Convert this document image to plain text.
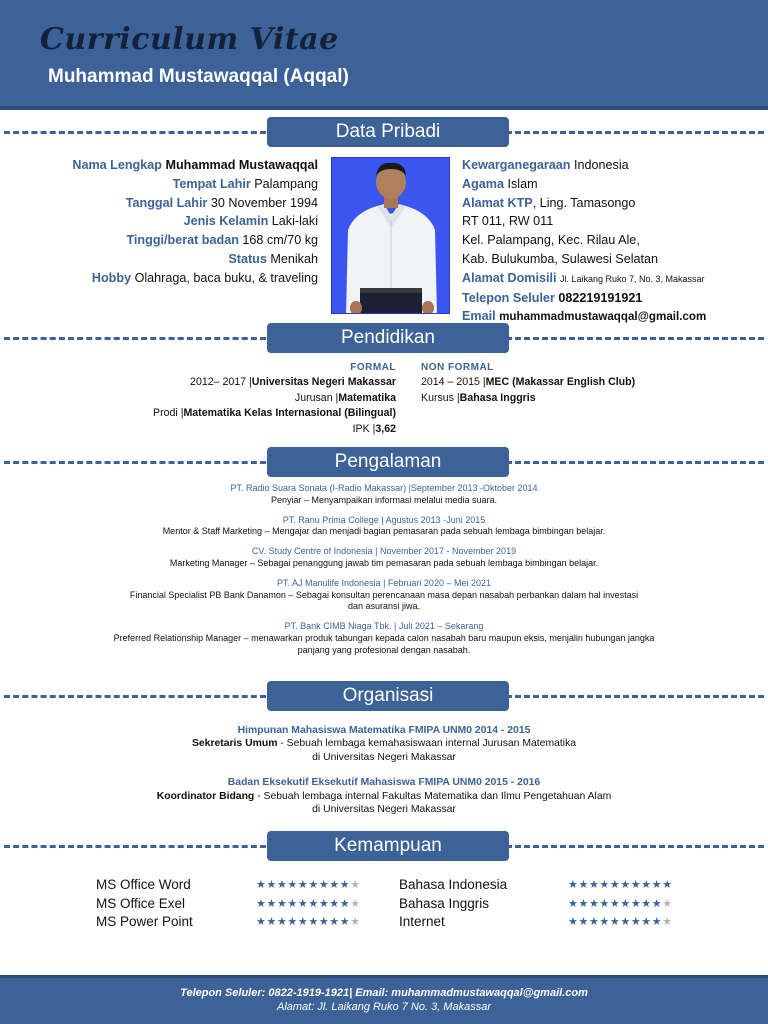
Curriculum Vitae
Muhammad Mustawaqqal (Aqqal)
Data Pribadi
Nama Lengkap Muhammad Mustawaqqal
Tempat Lahir Palampang
Tanggal Lahir 30 November 1994
Jenis Kelamin Laki-laki
Tinggi/berat badan 168 cm/70 kg
Status Menikah
Hobby Olahraga, baca buku, & traveling
Kewarganegaraan Indonesia
Agama Islam
Alamat KTP, Ling. Tamasongo
RT 011, RW 011
Kel. Palampang, Kec. Rilau Ale,
Kab. Bulukumba, Sulawesi Selatan
Alamat Domisili Jl. Laikang Ruko 7, No. 3, Makassar
Telepon Seluler 082219191921
Email muhammadmustawaqqal@gmail.com
Pendidikan
FORMAL
2012– 2017 |Universitas Negeri Makassar
Jurusan |Matematika
Prodi |Matematika Kelas Internasional (Bilingual)
IPK |3,62
NON FORMAL
2014 – 2015 |MEC (Makassar English Club)
Kursus |Bahasa Inggris
Pengalaman
PT. Radio Suara Sonata (I-Radio Makassar) |September 2013 -Oktober 2014
Penyiar – Menyampaikan informasi melalui media suara.
PT. Ranu Prima College | Agustus 2013 -Juni 2015
Mentor & Staff Marketing – Mengajar dan menjadi bagian pemasaran pada sebuah lembaga bimbingan belajar.
CV. Study Centre of Indonesia | November 2017 - November 2019
Marketing Manager – Sebagai penanggung jawab tim pemasaran pada sebuah lembaga bimbingan belajar.
PT. AJ Manulife Indonesia | Februari 2020 – Mei 2021
Financial Specialist PB Bank Danamon – Sebagai konsultan perencanaan masa depan nasabah perbankan dalam hal investasi
dan asuransi jiwa.
PT. Bank CIMB Niaga Tbk. | Juli 2021 – Sekarang
Preferred Relationship Manager – menawarkan produk tabungan kepada calon nasabah baru maupun eksis, menjalin hubungan jangka
panjang yang profesional dengan nasabah.
Organisasi
Himpunan Mahasiswa Matematika FMIPA UNM0 2014 - 2015
Sekretaris Umum - Sebuah lembaga kemahasiswaan internal Jurusan Matematika
di Universitas Negeri Makassar
Badan Eksekutif Eksekutif Mahasiswa FMIPA UNM0 2015 - 2016
Koordinator Bidang - Sebuah lembaga internal Fakultas Matematika dan Ilmu Pengetahuan Alam
di Universitas Negeri Makassar
Kemampuan
MS Office Word	★★★★★★★★★★
MS Office Exel	★★★★★★★★★★
MS Power Point	★★★★★★★★★★
Bahasa Indonesia	★★★★★★★★★★
Bahasa Inggris	★★★★★★★★★★
Internet	★★★★★★★★★★
Telepon Seluler: 0822-1919-1921| Email: muhammadmustawaqqal@gmail.com
Alamat: Jl. Laikang Ruko 7 No. 3, Makassar
